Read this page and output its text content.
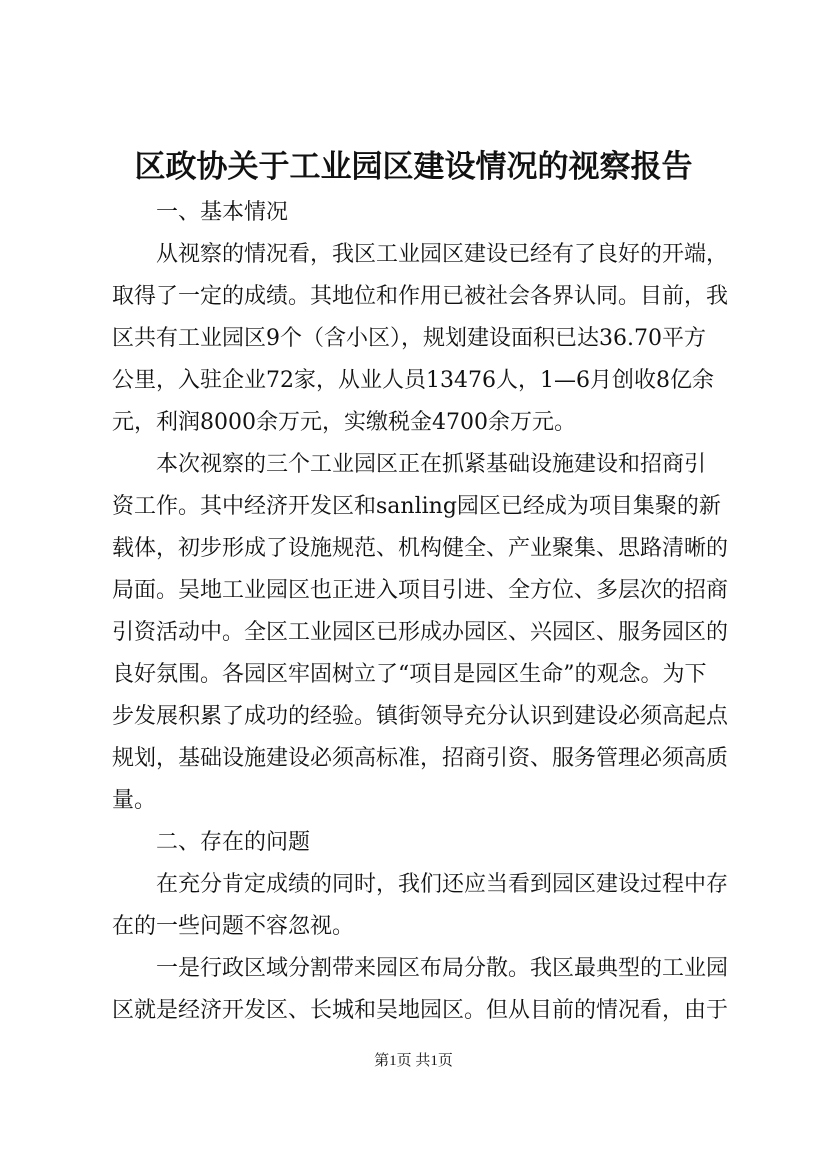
区政协关于工业园区建设情况的视察报告
一、基本情况
从视察的情况看，我区工业园区建设已经有了良好的开端，
取得了一定的成绩。其地位和作用已被社会各界认同。目前，我
区共有工业园区9个（含小区），规划建设面积已达36.70平方
公里，入驻企业72家，从业人员13476人，1—6月创收8亿余
元，利润8000余万元，实缴税金4700余万元。
本次视察的三个工业园区正在抓紧基础设施建设和招商引
资工作。其中经济开发区和sanling园区已经成为项目集聚的新
载体，初步形成了设施规范、机构健全、产业聚集、思路清晰的
局面。吴地工业园区也正进入项目引进、全方位、多层次的招商
引资活动中。全区工业园区已形成办园区、兴园区、服务园区的
良好氛围。各园区牢固树立了“项目是园区生命”的观念。为下
步发展积累了成功的经验。镇街领导充分认识到建设必须高起点
规划，基础设施建设必须高标准，招商引资、服务管理必须高质
量。
二、存在的问题
在充分肯定成绩的同时，我们还应当看到园区建设过程中存
在的一些问题不容忽视。
一是行政区域分割带来园区布局分散。我区最典型的工业园
区就是经济开发区、长城和吴地园区。但从目前的情况看，由于
第1页 共1页
